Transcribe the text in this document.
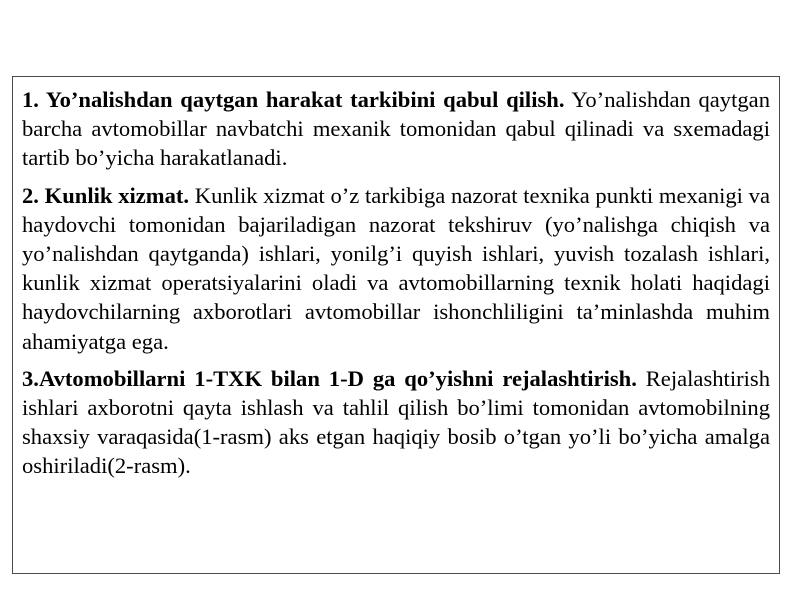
1. Yo’nalishdan qaytgan harakat tarkibini qabul qilish. Yo’nalishdan qaytgan barcha avtomobillar navbatchi mexanik tomonidan qabul qilinadi va sxemadagi tartib bo’yicha harakatlanadi.

2. Kunlik xizmat. Kunlik xizmat o’z tarkibiga nazorat texnika punkti mexanigi va haydovchi tomonidan bajariladigan nazorat tekshiruv (yo’nalishga chiqish va yo’nalishdan qaytganda) ishlari, yonilg’i quyish ishlari, yuvish tozalash ishlari, kunlik xizmat operatsiyalarini oladi va avtomobillarning texnik holati haqidagi haydovchilarning axborotlari avtomobillar ishonchliligini ta’minlashda muhim ahamiyatga ega.

3.Avtomobillarni 1-TXK bilan 1-D ga qo’yishni rejalashtirish. Rejalashtirish ishlari axborotni qayta ishlash va tahlil qilish bo’limi tomonidan avtomobilning shaxsiy varaqasida(1-rasm) aks etgan haqiqiy bosib o’tgan yo’li bo’yicha amalga oshiriladi(2-rasm).
